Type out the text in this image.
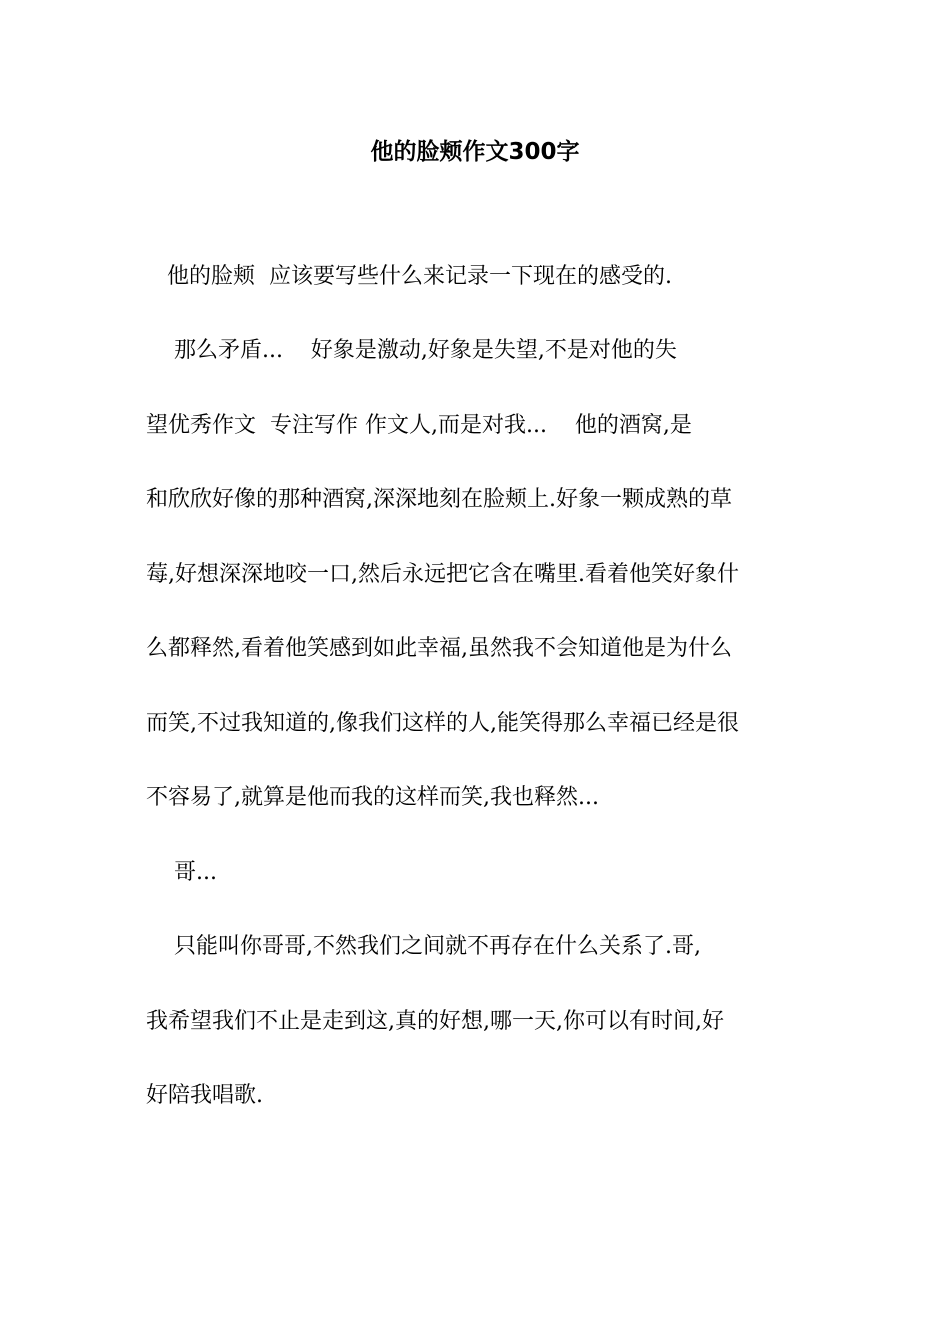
他的脸颊作文300字
他的脸颊  应该要写些什么来记录一下现在的感受的.
那么矛盾...    好象是激动,好象是失望,不是对他的失
望优秀作文  专注写作 作文人,而是对我...    他的酒窝,是
和欣欣好像的那种酒窝,深深地刻在脸颊上.好象一颗成熟的草
莓,好想深深地咬一口,然后永远把它含在嘴里.看着他笑好象什
么都释然,看着他笑感到如此幸福,虽然我不会知道他是为什么
而笑,不过我知道的,像我们这样的人,能笑得那么幸福已经是很
不容易了,就算是他而我的这样而笑,我也释然...
哥...
只能叫你哥哥,不然我们之间就不再存在什么关系了.哥,
我希望我们不止是走到这,真的好想,哪一天,你可以有时间,好
好陪我唱歌.
